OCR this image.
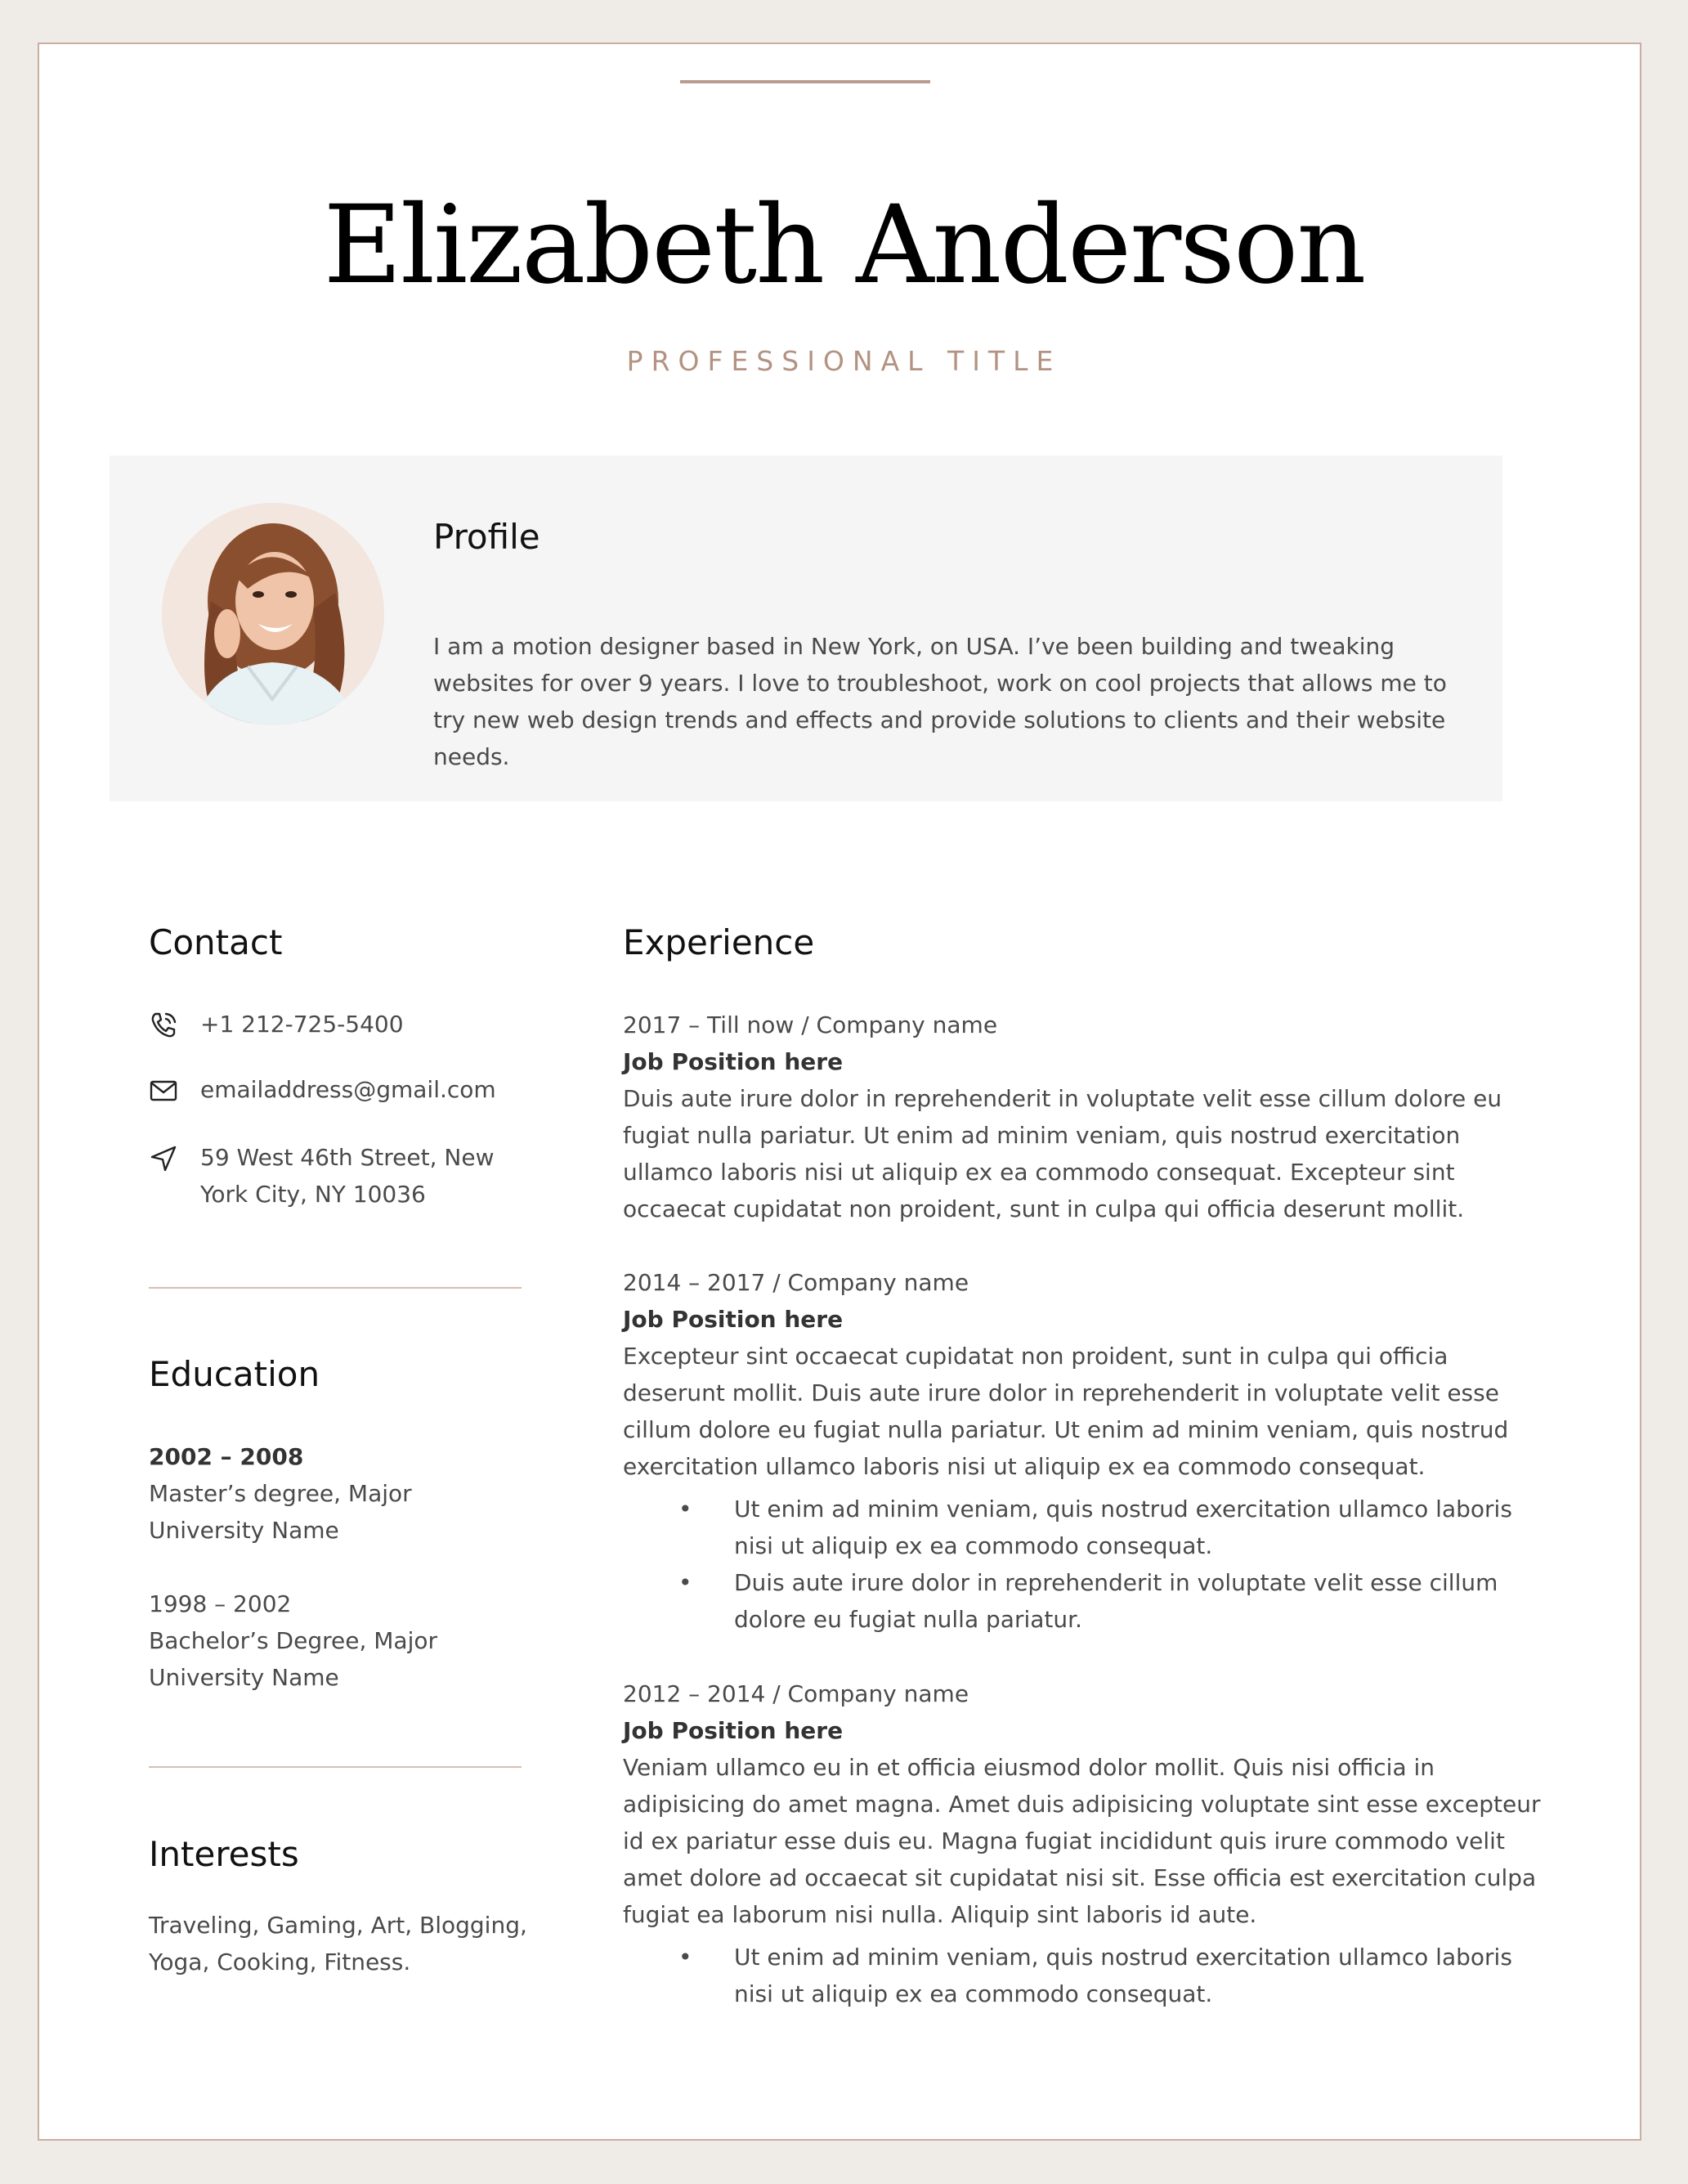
Elizabeth Anderson
PROFESSIONAL TITLE
Profile
I am a motion designer based in New York, on USA. I’ve been building and tweaking websites for over 9 years. I love to troubleshoot, work on cool projects that allows me to try new web design trends and effects and provide solutions to clients and their website needs.
Contact
+1 212-725-5400
emailaddress@gmail.com
59 West 46th Street, New
York City, NY 10036
Education
2002 – 2008
Master’s degree, Major
University Name
1998 – 2002
Bachelor’s Degree, Major
University Name
Interests
Traveling, Gaming, Art, Blogging, Yoga, Cooking, Fitness.
Experience
2017 – Till now / Company name
Job Position here
Duis aute irure dolor in reprehenderit in voluptate velit esse cillum dolore eu fugiat nulla pariatur. Ut enim ad minim veniam, quis nostrud exercitation ullamco laboris nisi ut aliquip ex ea commodo consequat. Excepteur sint occaecat cupidatat non proident, sunt in culpa qui officia deserunt mollit.
2014 – 2017 / Company name
Job Position here
Excepteur sint occaecat cupidatat non proident, sunt in culpa qui officia deserunt mollit. Duis aute irure dolor in reprehenderit in voluptate velit esse cillum dolore eu fugiat nulla pariatur. Ut enim ad minim veniam, quis nostrud exercitation ullamco laboris nisi ut aliquip ex ea commodo consequat.
• Ut enim ad minim veniam, quis nostrud exercitation ullamco laboris nisi ut aliquip ex ea commodo consequat.
• Duis aute irure dolor in reprehenderit in voluptate velit esse cillum dolore eu fugiat nulla pariatur.
2012 – 2014 / Company name
Job Position here
Veniam ullamco eu in et officia eiusmod dolor mollit. Quis nisi officia in adipisicing do amet magna. Amet duis adipisicing voluptate sint esse excepteur id ex pariatur esse duis eu. Magna fugiat incididunt quis irure commodo velit amet dolore ad occaecat sit cupidatat nisi sit. Esse officia est exercitation culpa fugiat ea laborum nisi nulla. Aliquip sint laboris id aute.
• Ut enim ad minim veniam, quis nostrud exercitation ullamco laboris nisi ut aliquip ex ea commodo consequat.
